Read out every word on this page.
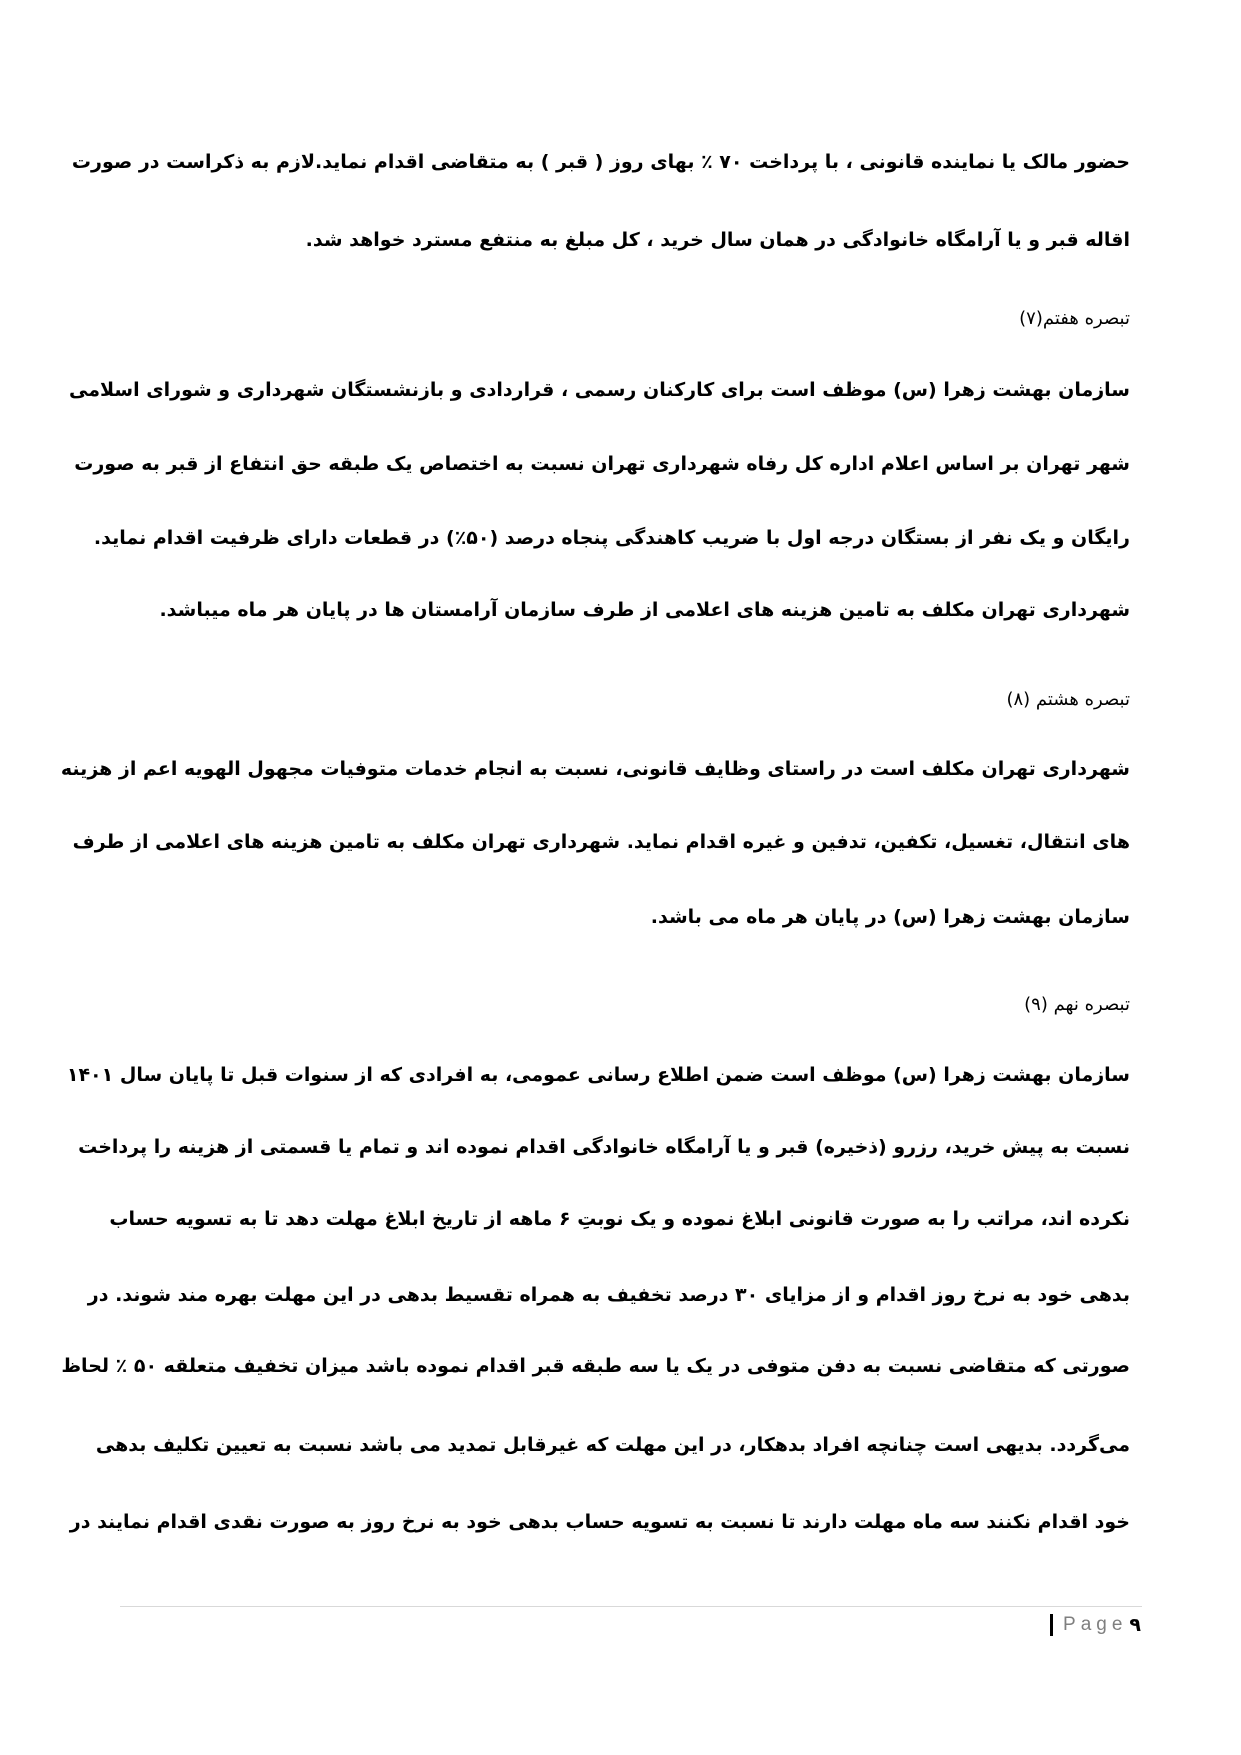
حضور مالک یا نماینده قانونی ، با پرداخت ۷۰ ٪ بهای روز ( قبر ) به متقاضی اقدام نماید.لازم به ذکراست در صورت
اقاله قبر و یا آرامگاه خانوادگی در همان سال خرید ، کل مبلغ به منتفع مسترد خواهد شد.
تبصره هفتم(۷)
سازمان بهشت زهرا (س) موظف است برای کارکنان رسمی ، قراردادی و بازنشستگان شهرداری و شورای اسلامی
شهر تهران بر اساس اعلام اداره کل رفاه شهرداری تهران نسبت به اختصاص یک طبقه حق انتفاع از قبر به صورت
رایگان و یک نفر از بستگان درجه اول با ضریب کاهندگی پنجاه درصد (۵۰٪) در قطعات دارای ظرفیت اقدام نماید.
شهرداری تهران مکلف به تامین هزینه های اعلامی از طرف سازمان آرامستان ها در پایان هر ماه میباشد.
تبصره هشتم (۸)
شهرداری تهران مکلف است در راستای وظایف قانونی، نسبت به انجام خدمات متوفیات مجهول الهویه اعم از هزینه
های انتقال، تغسیل، تکفین، تدفین و غیره اقدام نماید. شهرداری تهران مکلف به تامین هزینه های اعلامی از طرف
سازمان بهشت زهرا (س) در پایان هر ماه می باشد.
تبصره نهم (۹)
سازمان بهشت زهرا (س) موظف است ضمن اطلاع رسانی عمومی، به افرادی که از سنوات قبل تا پایان سال ۱۴۰۱
نسبت به پیش خرید، رزرو (ذخیره) قبر و یا آرامگاه خانوادگی اقدام نموده اند و تمام یا قسمتی از هزینه را پرداخت
نکرده اند، مراتب را به صورت قانونی ابلاغ نموده و یک نوبتِ ۶ ماهه از تاریخ ابلاغ مهلت دهد تا به تسویه حساب
بدهی خود به نرخ روز اقدام و از مزایای ۳۰ درصد تخفیف به همراه تقسیط بدهی در این مهلت بهره مند شوند. در
صورتی که متقاضی نسبت به دفن متوفی در یک یا سه طبقه قبر اقدام نموده باشد میزان تخفیف متعلقه ۵۰ ٪ لحاظ
می‌گردد. بدیهی است چنانچه افراد بدهکار، در این مهلت که غیرقابل تمدید می باشد نسبت به تعیین تکلیف بدهی
خود اقدام نکنند سه ماه مهلت دارند تا نسبت به تسویه حساب بدهی خود به نرخ روز به صورت نقدی اقدام نمایند در
Page ۹
